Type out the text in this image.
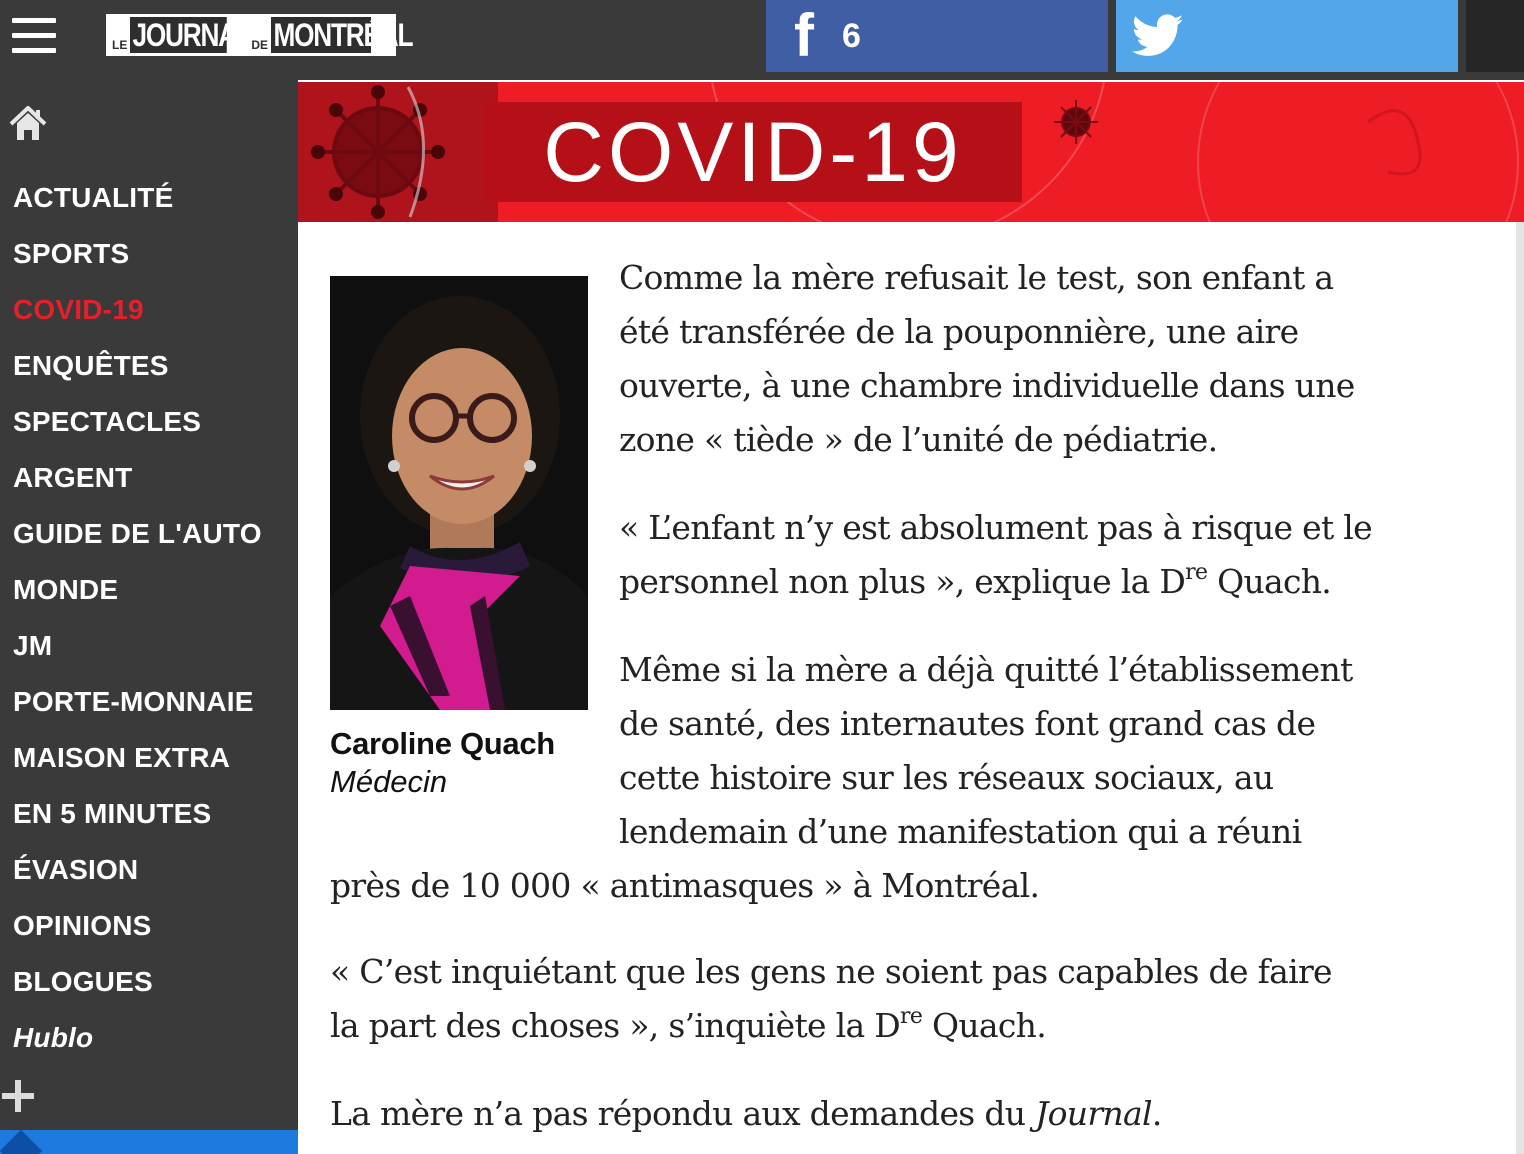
LE JOURNAL DE MONTRÉAL	f 6
ACTUALITÉ
SPORTS
COVID-19
ENQUÊTES
SPECTACLES
ARGENT
GUIDE DE L'AUTO
MONDE
JM
PORTE-MONNAIE
MAISON EXTRA
EN 5 MINUTES
ÉVASION
OPINIONS
BLOGUES
Hublo
COVID-19
Caroline Quach
Médecin
Comme la mère refusait le test, son enfant a
été transférée de la pouponnière, une aire
ouverte, à une chambre individuelle dans une
zone « tiède » de l’unité de pédiatrie.
« L’enfant n’y est absolument pas à risque et le
personnel non plus », explique la Dre Quach.
Même si la mère a déjà quitté l’établissement
de santé, des internautes font grand cas de
cette histoire sur les réseaux sociaux, au
lendemain d’une manifestation qui a réuni
près de 10 000 « antimasques » à Montréal.
« C’est inquiétant que les gens ne soient pas capables de faire
la part des choses », s’inquiète la Dre Quach.
La mère n’a pas répondu aux demandes du Journal.
